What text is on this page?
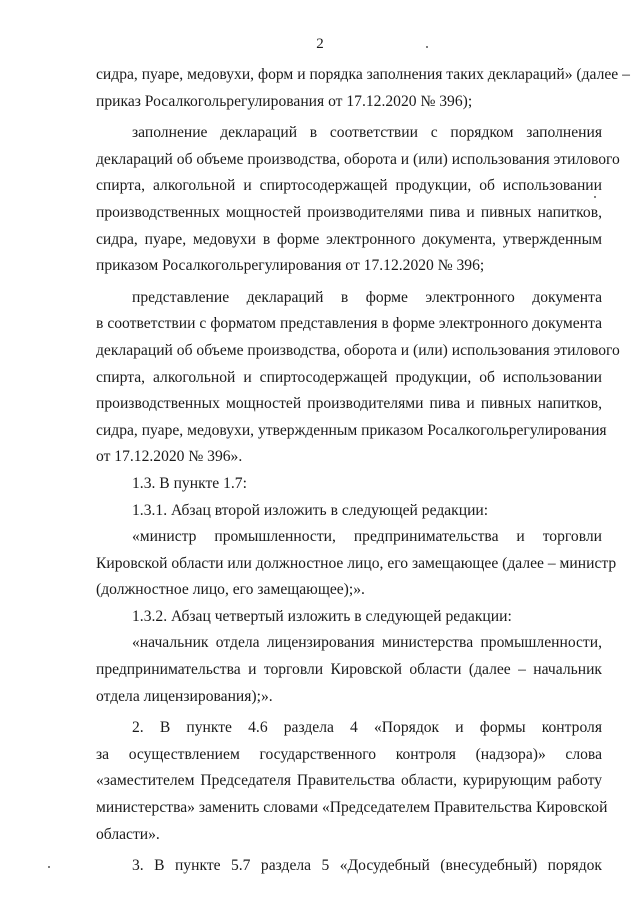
2
сидра, пуаре, медовухи, форм и порядка заполнения таких деклараций» (далее –
приказ Росалкогольрегулирования от 17.12.2020 № 396);
заполнение деклараций в соответствии с порядком заполнения
деклараций об объеме производства, оборота и (или) использования этилового
спирта, алкогольной и спиртосодержащей продукции, об использовании
производственных мощностей производителями пива и пивных напитков,
сидра, пуаре, медовухи в форме электронного документа, утвержденным
приказом Росалкогольрегулирования от 17.12.2020 № 396;
представление деклараций в форме электронного документа
в соответствии с форматом представления в форме электронного документа
деклараций об объеме производства, оборота и (или) использования этилового
спирта, алкогольной и спиртосодержащей продукции, об использовании
производственных мощностей производителями пива и пивных напитков,
сидра, пуаре, медовухи, утвержденным приказом Росалкогольрегулирования
от 17.12.2020 № 396».
1.3. В пункте 1.7:
1.3.1. Абзац второй изложить в следующей редакции:
«министр промышленности, предпринимательства и торговли
Кировской области или должностное лицо, его замещающее (далее – министр
(должностное лицо, его замещающее);».
1.3.2. Абзац четвертый изложить в следующей редакции:
«начальник отдела лицензирования министерства промышленности,
предпринимательства и торговли Кировской области (далее – начальник
отдела лицензирования);».
2. В пункте 4.6 раздела 4 «Порядок и формы контроля
за осуществлением государственного контроля (надзора)» слова
«заместителем Председателя Правительства области, курирующим работу
министерства» заменить словами «Председателем Правительства Кировской
области».
3. В пункте 5.7 раздела 5 «Досудебный (внесудебный) порядок
